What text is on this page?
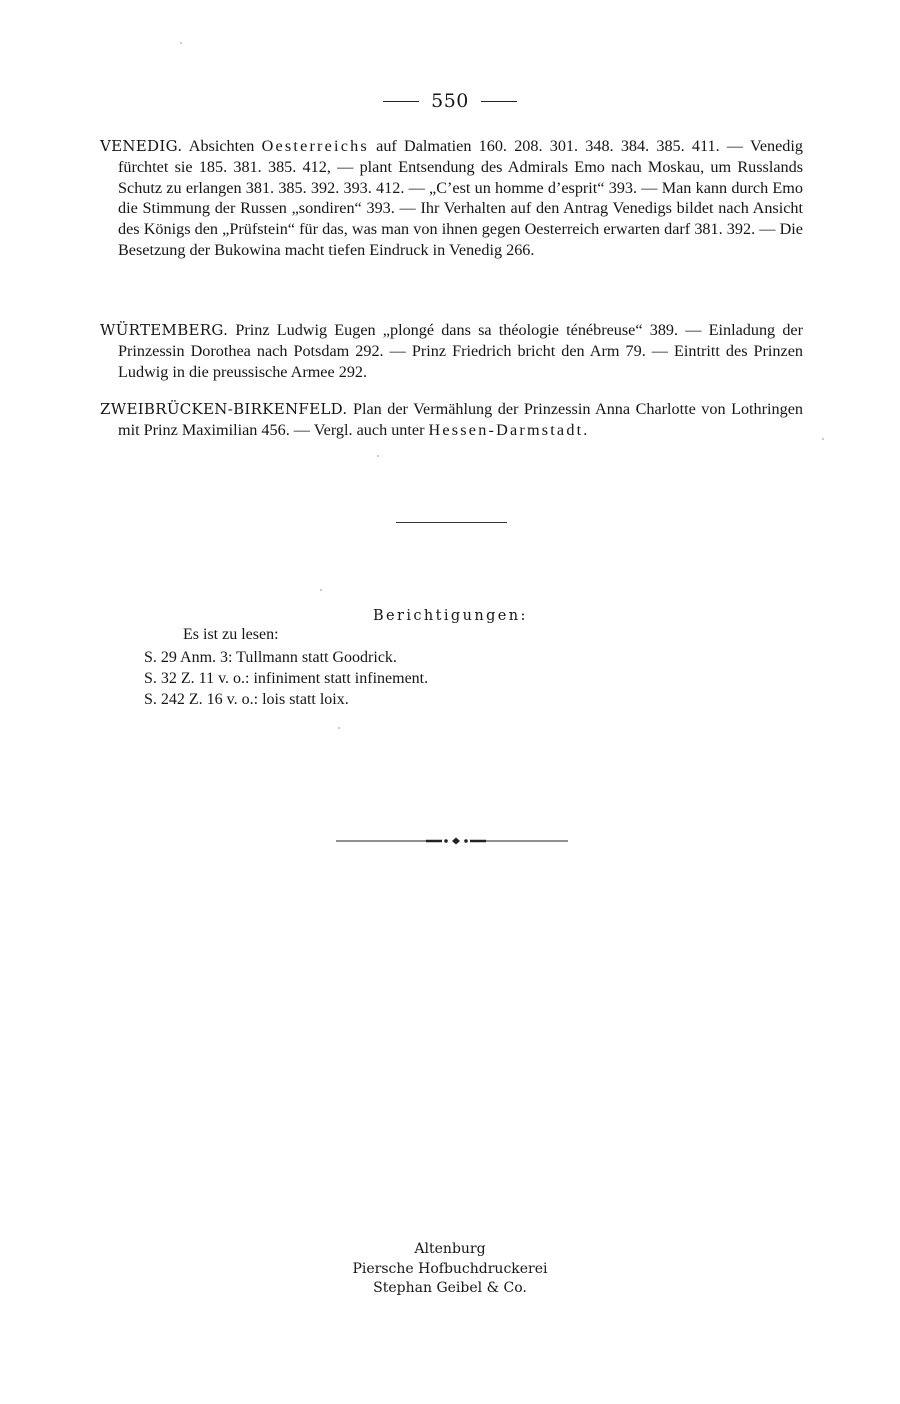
550

VENEDIG. Absichten Oesterreichs auf Dalmatien 160. 208. 301. 348. 384. 385. 411. — Venedig fürchtet sie 185. 381. 385. 412, — plant Entsendung des Admirals Emo nach Moskau, um Russlands Schutz zu erlangen 381. 385. 392. 393. 412. — „C’est un homme d’esprit“ 393. — Man kann durch Emo die Stimmung der Russen „sondiren“ 393. — Ihr Verhalten auf den Antrag Venedigs bildet nach Ansicht des Königs den „Prüfstein“ für das, was man von ihnen gegen Oesterreich erwarten darf 381. 392. — Die Besetzung der Bukowina macht tiefen Eindruck in Venedig 266.

WÜRTEMBERG. Prinz Ludwig Eugen „plongé dans sa théologie ténébreuse“ 389. — Einladung der Prinzessin Dorothea nach Potsdam 292. — Prinz Friedrich bricht den Arm 79. — Eintritt des Prinzen Ludwig in die preussische Armee 292.

ZWEIBRÜCKEN-BIRKENFELD. Plan der Vermählung der Prinzessin Anna Charlotte von Lothringen mit Prinz Maximilian 456. — Vergl. auch unter Hessen-Darmstadt.

Berichtigungen:
Es ist zu lesen:
S. 29 Anm. 3: Tullmann statt Goodrick.
S. 32 Z. 11 v. o.: infiniment statt infinement.
S. 242 Z. 16 v. o.: lois statt loix.
Altenburg
Piersche Hofbuchdruckerei
Stephan Geibel & Co.
